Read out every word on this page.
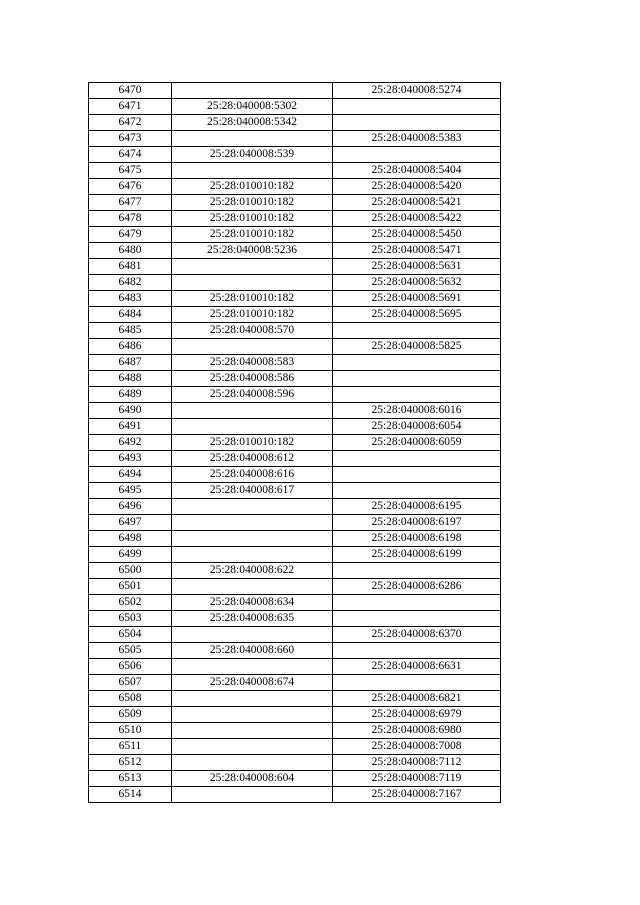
6470		25:28:040008:5274
6471	25:28:040008:5302	
6472	25:28:040008:5342	
6473		25:28:040008:5383
6474	25:28:040008:539	
6475		25:28:040008:5404
6476	25:28:010010:182	25:28:040008:5420
6477	25:28:010010:182	25:28:040008:5421
6478	25:28:010010:182	25:28:040008:5422
6479	25:28:010010:182	25:28:040008:5450
6480	25:28:040008:5236	25:28:040008:5471
6481		25:28:040008:5631
6482		25:28:040008:5632
6483	25:28:010010:182	25:28:040008:5691
6484	25:28:010010:182	25:28:040008:5695
6485	25:28:040008:570	
6486		25:28:040008:5825
6487	25:28:040008:583	
6488	25:28:040008:586	
6489	25:28:040008:596	
6490		25:28:040008:6016
6491		25:28:040008:6054
6492	25:28:010010:182	25:28:040008:6059
6493	25:28:040008:612	
6494	25:28:040008:616	
6495	25:28:040008:617	
6496		25:28:040008:6195
6497		25:28:040008:6197
6498		25:28:040008:6198
6499		25:28:040008:6199
6500	25:28:040008:622	
6501		25:28:040008:6286
6502	25:28:040008:634	
6503	25:28:040008:635	
6504		25:28:040008:6370
6505	25:28:040008:660	
6506		25:28:040008:6631
6507	25:28:040008:674	
6508		25:28:040008:6821
6509		25:28:040008:6979
6510		25:28:040008:6980
6511		25:28:040008:7008
6512		25:28:040008:7112
6513	25:28:040008:604	25:28:040008:7119
6514		25:28:040008:7167
